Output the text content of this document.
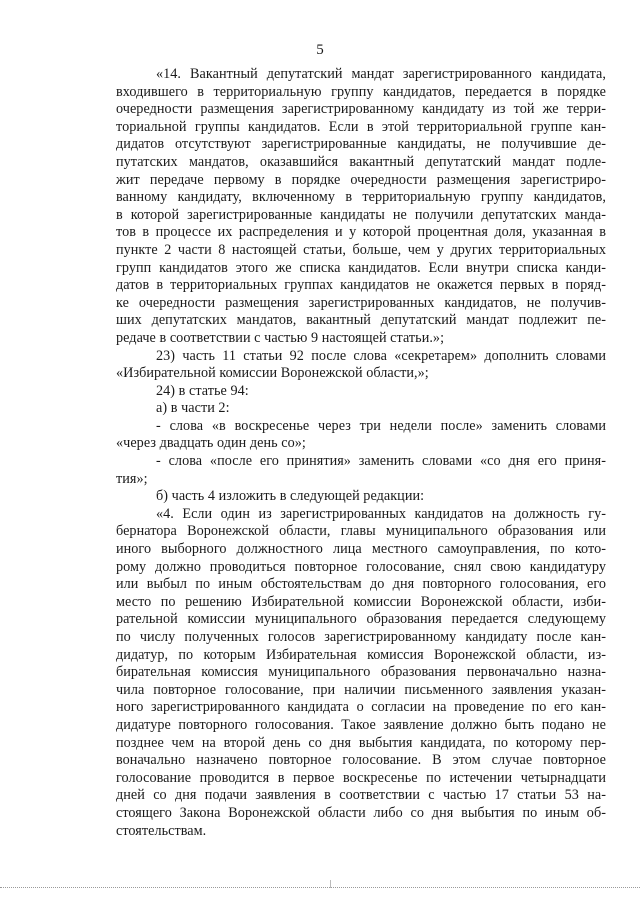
5
«14. Вакантный депутатский мандат зарегистрированного кандидата,
входившего в территориальную группу кандидатов, передается в порядке
очередности размещения зарегистрированному кандидату из той же терри-
ториальной группы кандидатов. Если в этой территориальной группе кан-
дидатов отсутствуют зарегистрированные кандидаты, не получившие де-
путатских мандатов, оказавшийся вакантный депутатский мандат подле-
жит передаче первому в порядке очередности размещения зарегистриро-
ванному кандидату, включенному в территориальную группу кандидатов,
в которой зарегистрированные кандидаты не получили депутатских манда-
тов в процессе их распределения и у которой процентная доля, указанная в
пункте 2 части 8 настоящей статьи, больше, чем у других территориальных
групп кандидатов этого же списка кандидатов. Если внутри списка канди-
датов в территориальных группах кандидатов не окажется первых в поряд-
ке очередности размещения зарегистрированных кандидатов, не получив-
ших депутатских мандатов, вакантный депутатский мандат подлежит пе-
редаче в соответствии с частью 9 настоящей статьи.»;
23) часть 11 статьи 92 после слова «секретарем» дополнить словами
«Избирательной комиссии Воронежской области,»;
24) в статье 94:
а) в части 2:
- слова «в воскресенье через три недели после» заменить словами
«через двадцать один день со»;
- слова «после его принятия» заменить словами «со дня его приня-
тия»;
б) часть 4 изложить в следующей редакции:
«4. Если один из зарегистрированных кандидатов на должность гу-
бернатора Воронежской области, главы муниципального образования или
иного выборного должностного лица местного самоуправления, по кото-
рому должно проводиться повторное голосование, снял свою кандидатуру
или выбыл по иным обстоятельствам до дня повторного голосования, его
место по решению Избирательной комиссии Воронежской области, изби-
рательной комиссии муниципального образования передается следующему
по числу полученных голосов зарегистрированному кандидату после кан-
дидатур, по которым Избирательная комиссия Воронежской области, из-
бирательная комиссия муниципального образования первоначально назна-
чила повторное голосование, при наличии письменного заявления указан-
ного зарегистрированного кандидата о согласии на проведение по его кан-
дидатуре повторного голосования. Такое заявление должно быть подано не
позднее чем на второй день со дня выбытия кандидата, по которому пер-
воначально назначено повторное голосование. В этом случае повторное
голосование проводится в первое воскресенье по истечении четырнадцати
дней со дня подачи заявления в соответствии с частью 17 статьи 53 на-
стоящего Закона Воронежской области либо со дня выбытия по иным об-
стоятельствам.
